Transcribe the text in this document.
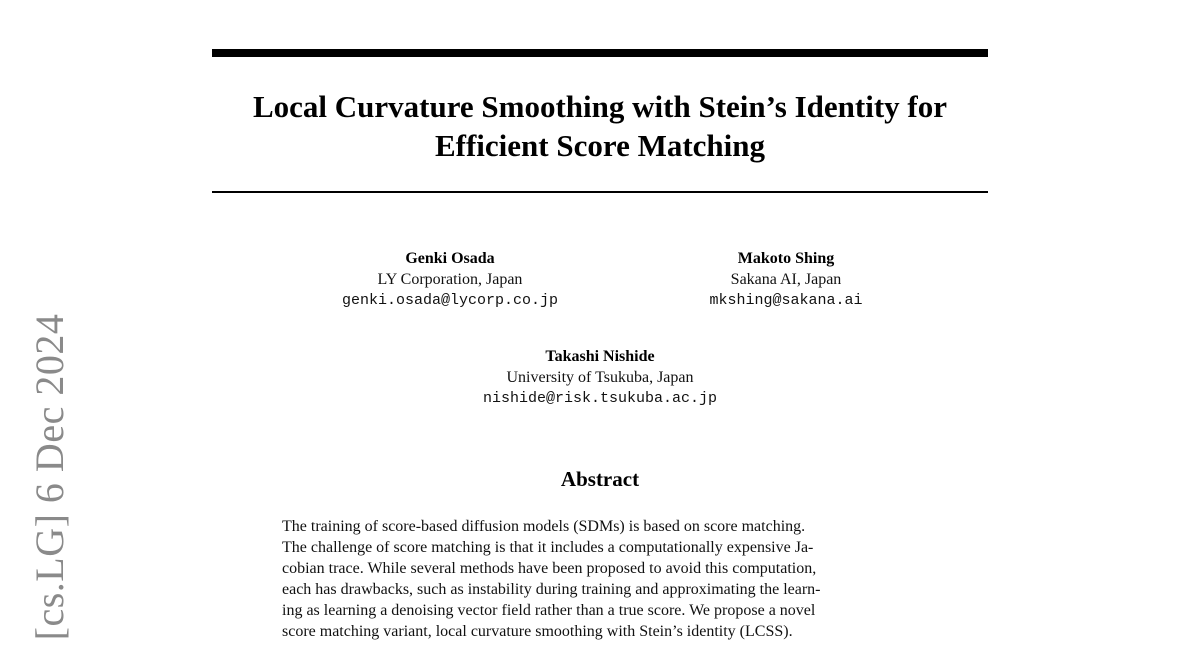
Local Curvature Smoothing with Stein’s Identity for
Efficient Score Matching
Genki Osada
LY Corporation, Japan
genki.osada@lycorp.co.jp
Makoto Shing
Sakana AI, Japan
mkshing@sakana.ai
Takashi Nishide
University of Tsukuba, Japan
nishide@risk.tsukuba.ac.jp
Abstract
The training of score-based diffusion models (SDMs) is based on score matching.
The challenge of score matching is that it includes a computationally expensive Ja-
cobian trace. While several methods have been proposed to avoid this computation,
each has drawbacks, such as instability during training and approximating the learn-
ing as learning a denoising vector field rather than a true score. We propose a novel
score matching variant, local curvature smoothing with Stein’s identity (LCSS).
[cs.LG] 6 Dec 2024
